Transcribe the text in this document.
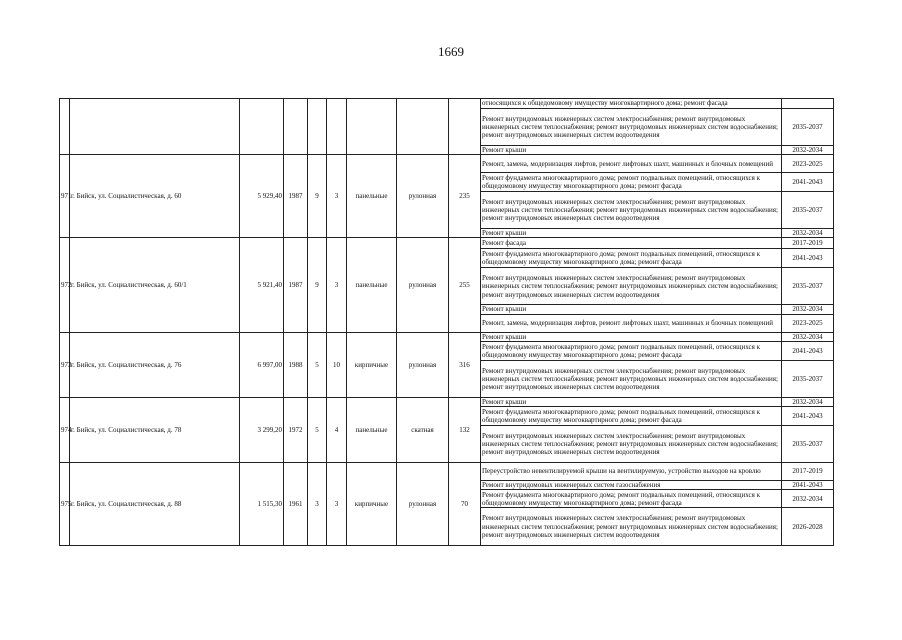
1669
									относящихся к общедомовому имуществу многоквартирного дома; ремонт фасада	
									Ремонт внутридомовых инженерных систем электроснабжения; ремонт внутридомовых инженерных систем теплоснабжения; ремонт внутридомовых инженерных систем водоснабжения; ремонт внутридомовых инженерных систем водоотведения	2035-2037
									Ремонт крыши	2032-2034
971	г. Бийск, ул. Социалистическая, д. 60	5 929,40	1987	9	3	панельные	рулонная	235	Ремонт, замена, модернизация лифтов, ремонт лифтовых шахт, машинных и блочных помещений	2023-2025
									Ремонт фундамента многоквартирного дома; ремонт подвальных помещений, относящихся к общедомовому имуществу многоквартирного дома; ремонт фасада	2041-2043
									Ремонт внутридомовых инженерных систем электроснабжения; ремонт внутридомовых инженерных систем теплоснабжения; ремонт внутридомовых инженерных систем водоснабжения; ремонт внутридомовых инженерных систем водоотведения	2035-2037
									Ремонт крыши	2032-2034
972	г. Бийск, ул. Социалистическая, д. 60/1	5 921,40	1987	9	3	панельные	рулонная	255	Ремонт фасада	2017-2019
									Ремонт фундамента многоквартирного дома; ремонт подвальных помещений, относящихся к общедомовому имуществу многоквартирного дома; ремонт фасада	2041-2043
									Ремонт внутридомовых инженерных систем электроснабжения; ремонт внутридомовых инженерных систем теплоснабжения; ремонт внутридомовых инженерных систем водоснабжения; ремонт внутридомовых инженерных систем водоотведения	2035-2037
									Ремонт крыши	2032-2034
									Ремонт, замена, модернизация лифтов, ремонт лифтовых шахт, машинных и блочных помещений	2023-2025
973	г. Бийск, ул. Социалистическая, д. 76	6 997,00	1988	5	10	кирпичные	рулонная	316	Ремонт крыши	2032-2034
									Ремонт фундамента многоквартирного дома; ремонт подвальных помещений, относящихся к общедомовому имуществу многоквартирного дома; ремонт фасада	2041-2043
									Ремонт внутридомовых инженерных систем электроснабжения; ремонт внутридомовых инженерных систем теплоснабжения; ремонт внутридомовых инженерных систем водоснабжения; ремонт внутридомовых инженерных систем водоотведения	2035-2037
974	г. Бийск, ул. Социалистическая, д. 78	3 299,20	1972	5	4	панельные	скатная	132	Ремонт крыши	2032-2034
									Ремонт фундамента многоквартирного дома; ремонт подвальных помещений, относящихся к общедомовому имуществу многоквартирного дома; ремонт фасада	2041-2043
									Ремонт внутридомовых инженерных систем электроснабжения; ремонт внутридомовых инженерных систем теплоснабжения; ремонт внутридомовых инженерных систем водоснабжения; ремонт внутридомовых инженерных систем водоотведения	2035-2037
975	г. Бийск, ул. Социалистическая, д. 88	1 515,30	1961	3	3	кирпичные	рулонная	70	Переустройство невентилируемой крыши на вентилируемую, устройство выходов на кровлю	2017-2019
									Ремонт внутридомовых инженерных систем газоснабжения	2041-2043
									Ремонт фундамента многоквартирного дома; ремонт подвальных помещений, относящихся к общедомовому имуществу многоквартирного дома; ремонт фасада	2032-2034
									Ремонт внутридомовых инженерных систем электроснабжения; ремонт внутридомовых инженерных систем теплоснабжения; ремонт внутридомовых инженерных систем водоснабжения; ремонт внутридомовых инженерных систем водоотведения	2026-2028
